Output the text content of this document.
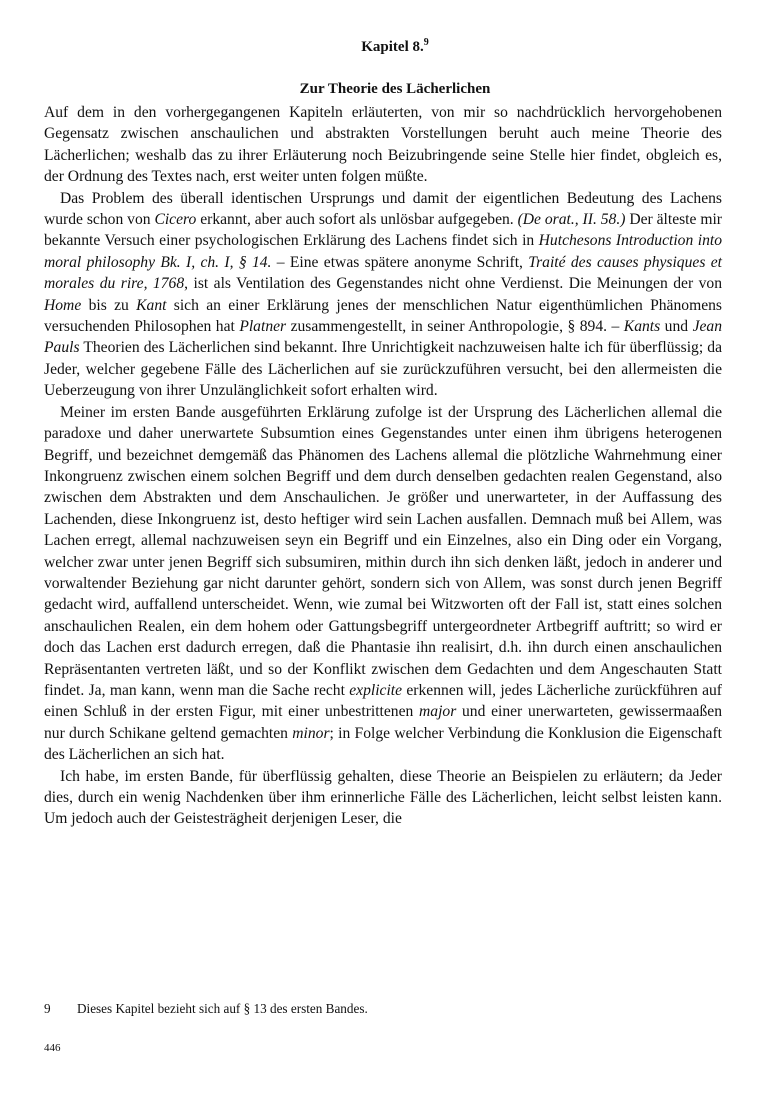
Kapitel 8.$^9$
Zur Theorie des Lächerlichen

Auf dem in den vorhergegangenen Kapiteln erläuterten, von mir so nachdrücklich hervorgehobenen Gegensatz zwischen anschaulichen und abstrakten Vorstellungen beruht auch meine Theorie des Lächerlichen; weshalb das zu ihrer Erläuterung noch Beizubringende seine Stelle hier findet, obgleich es, der Ordnung des Textes nach, erst weiter unten folgen müßte.

Das Problem des überall identischen Ursprungs und damit der eigentlichen Bedeutung des Lachens wurde schon von Cicero erkannt, aber auch sofort als unlösbar aufgegeben. (De orat., II. 58.) Der älteste mir bekannte Versuch einer psychologischen Erklärung des Lachens findet sich in Hutchesons Introduction into moral philosophy Bk. I, ch. I, § 14. – Eine etwas spätere anonyme Schrift, Traité des causes physiques et morales du rire, 1768, ist als Ventilation des Gegenstandes nicht ohne Verdienst. Die Meinungen der von Home bis zu Kant sich an einer Erklärung jenes der menschlichen Natur eigenthümlichen Phänomens versuchenden Philosophen hat Platner zusammengestellt, in seiner Anthropologie, § 894. – Kants und Jean Pauls Theorien des Lächerlichen sind bekannt. Ihre Unrichtigkeit nachzuweisen halte ich für überflüssig; da Jeder, welcher gegebene Fälle des Lächerlichen auf sie zurückzuführen versucht, bei den allermeisten die Ueberzeugung von ihrer Unzulänglichkeit sofort erhalten wird.

Meiner im ersten Bande ausgeführten Erklärung zufolge ist der Ursprung des Lächerlichen allemal die paradoxe und daher unerwartete Subsumtion eines Gegenstandes unter einen ihm übrigens heterogenen Begriff, und bezeichnet demgemäß das Phänomen des Lachens allemal die plötzliche Wahrnehmung einer Inkongruenz zwischen einem solchen Begriff und dem durch denselben gedachten realen Gegenstand, also zwischen dem Abstrakten und dem Anschaulichen. Je größer und unerwarteter, in der Auffassung des Lachenden, diese Inkongruenz ist, desto heftiger wird sein Lachen ausfallen. Demnach muß bei Allem, was Lachen erregt, allemal nachzuweisen seyn ein Begriff und ein Einzelnes, also ein Ding oder ein Vorgang, welcher zwar unter jenen Begriff sich subsumiren, mithin durch ihn sich denken läßt, jedoch in anderer und vorwaltender Beziehung gar nicht darunter gehört, sondern sich von Allem, was sonst durch jenen Begriff gedacht wird, auffallend unterscheidet. Wenn, wie zumal bei Witzworten oft der Fall ist, statt eines solchen anschaulichen Realen, ein dem hohem oder Gattungsbegriff untergeordneter Artbegriff auftritt; so wird er doch das Lachen erst dadurch erregen, daß die Phantasie ihn realisirt, d.h. ihn durch einen anschaulichen Repräsentanten vertreten läßt, und so der Konflikt zwischen dem Gedachten und dem Angeschauten Statt findet. Ja, man kann, wenn man die Sache recht explicite erkennen will, jedes Lächerliche zurückführen auf einen Schluß in der ersten Figur, mit einer unbestrittenen major und einer unerwarteten, gewissermaaßen nur durch Schikane geltend gemachten minor; in Folge welcher Verbindung die Konklusion die Eigenschaft des Lächerlichen an sich hat.

Ich habe, im ersten Bande, für überflüssig gehalten, diese Theorie an Beispielen zu erläutern; da Jeder dies, durch ein wenig Nachdenken über ihm erinnerliche Fälle des Lächerlichen, leicht selbst leisten kann. Um jedoch auch der Geistesträgheit derjenigen Leser, die

9 Dieses Kapitel bezieht sich auf § 13 des ersten Bandes.
446
